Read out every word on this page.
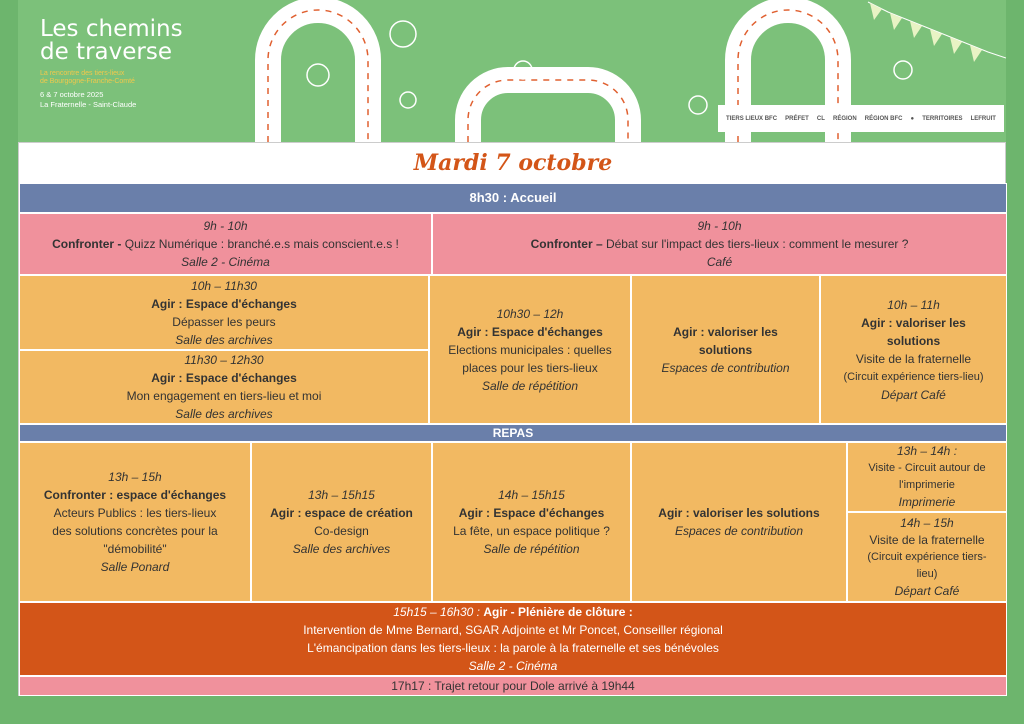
Les chemins
de traverse
La rencontre des tiers-lieux
de Bourgogne-Franche-Comté
6 & 7 octobre 2025
La Fraternelle - Saint-Claude
TIERS LIEUX BFC PRÉFET CL RÉGION RÉGION BFC ● TERRITOIRES LEFRUIT
Mardi 7 octobre
8h30 : Accueil
9h - 10h
Confronter - Quizz Numérique : branché.e.s mais conscient.e.s !
Salle 2 - Cinéma
9h - 10h
Confronter – Débat sur l'impact des tiers-lieux : comment le mesurer ?
Café
10h – 11h30
Agir : Espace d'échanges
Dépasser les peurs
Salle des archives
11h30 – 12h30
Agir : Espace d'échanges
Mon engagement en tiers-lieu et moi
Salle des archives
10h30 – 12h
Agir : Espace d'échanges
Elections municipales : quelles
places pour les tiers-lieux
Salle de répétition
Agir : valoriser les
solutions
Espaces de contribution
10h – 11h
Agir : valoriser les
solutions
Visite de la fraternelle
(Circuit expérience tiers-lieu)
Départ Café
REPAS
13h – 15h
Confronter : espace d'échanges
Acteurs Publics : les tiers-lieux
des solutions concrètes pour la
"démobilité"
Salle Ponard
13h – 15h15
Agir : espace de création
Co-design
Salle des archives
14h – 15h15
Agir : Espace d'échanges
La fête, un espace politique ?
Salle de répétition
Agir : valoriser les solutions
Espaces de contribution
13h – 14h :
Visite - Circuit autour de
l'imprimerie
Imprimerie
14h – 15h
Visite de la fraternelle
(Circuit expérience tiers-
lieu)
Départ Café
15h15 – 16h30 : Agir - Plénière de clôture :
Intervention de Mme Bernard, SGAR Adjointe et Mr Poncet, Conseiller régional
L'émancipation dans les tiers-lieux : la parole à la fraternelle et ses bénévoles
Salle 2 - Cinéma
17h17 : Trajet retour pour Dole arrivé à 19h44
